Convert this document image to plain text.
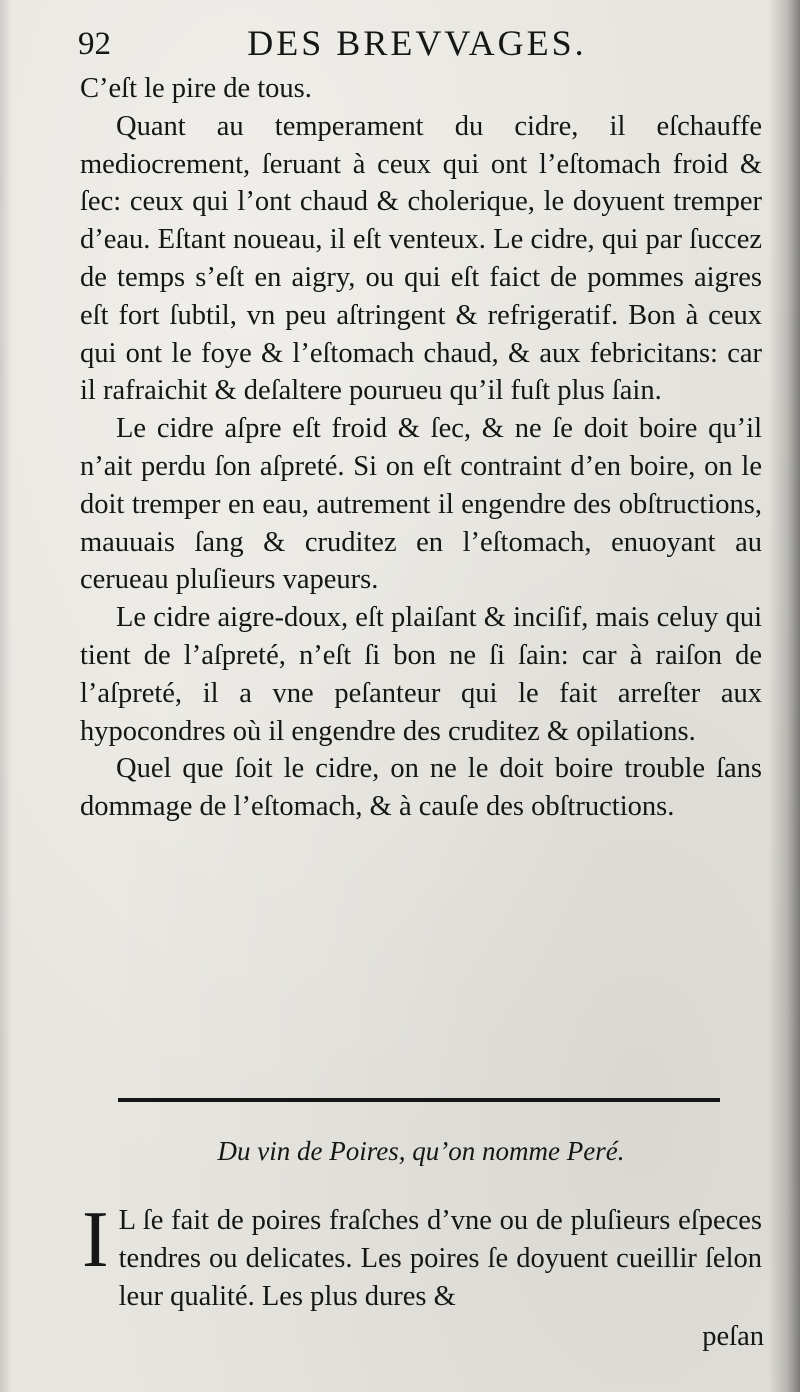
92	DES BREVVAGES.

C’eſt le pire de tous.

Quant au temperament du cidre, il eſchauffe mediocrement, ſeruant à ceux qui ont l’eſtomach froid & ſec: ceux qui l’ont chaud & cholerique, le doyuent tremper d’eau. Eſtant noueau, il eſt venteux. Le cidre, qui par ſuccez de temps s’eſt en aigry, ou qui eſt faict de pommes aigres eſt fort ſubtil, vn peu aſtringent & refrigeratif. Bon à ceux qui ont le foye & l’eſtomach chaud, & aux febricitans: car il rafraichit & deſaltere pourueu qu’il fuſt plus ſain.

Le cidre aſpre eſt froid & ſec, & ne ſe doit boire qu’il n’ait perdu ſon aſpreté. Si on eſt contraint d’en boire, on le doit tremper en eau, autrement il engendre des obſtructions, mauuais ſang & cruditez en l’eſtomach, enuoyant au cerueau pluſieurs vapeurs.

Le cidre aigre-doux, eſt plaiſant & inciſif, mais celuy qui tient de l’aſpreté, n’eſt ſi bon ne ſi ſain: car à raiſon de l’aſpreté, il a vne peſanteur qui le fait arreſter aux hypocondres où il engendre des cruditez & opilations.

Quel que ſoit le cidre, on ne le doit boire trouble ſans dommage de l’eſtomach, & à cauſe des obſtructions.

Du vin de Poires, qu’on nomme Peré.
I L ſe fait de poires fraſches d’vne ou de pluſieurs eſpeces tendres ou delicates. Les poires ſe doyuent cueillir ſelon leur qualité. Les plus dures &

peſan
